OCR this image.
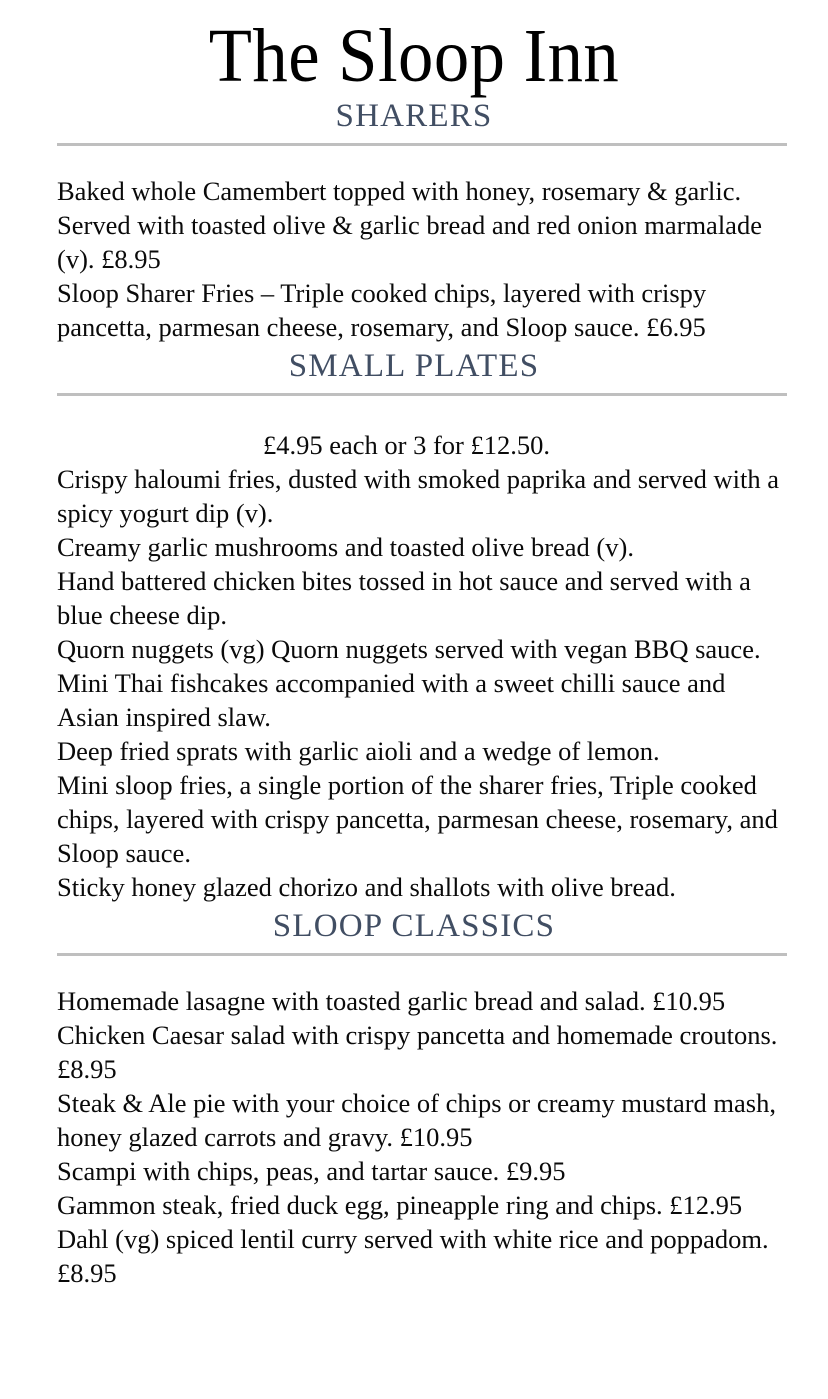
The Sloop Inn
SHARERS

Baked whole Camembert topped with honey, rosemary & garlic. Served with toasted olive & garlic bread and red onion marmalade (v). £8.95

Sloop Sharer Fries – Triple cooked chips, layered with crispy pancetta, parmesan cheese, rosemary, and Sloop sauce. £6.95

SMALL PLATES

£4.95 each or 3 for £12.50.

Crispy haloumi fries, dusted with smoked paprika and served with a spicy yogurt dip (v).

Creamy garlic mushrooms and toasted olive bread (v).

Hand battered chicken bites tossed in hot sauce and served with a blue cheese dip.

Quorn nuggets (vg) Quorn nuggets served with vegan BBQ sauce.

Mini Thai fishcakes accompanied with a sweet chilli sauce and Asian inspired slaw.

Deep fried sprats with garlic aioli and a wedge of lemon.

Mini sloop fries, a single portion of the sharer fries, Triple cooked chips, layered with crispy pancetta, parmesan cheese, rosemary, and Sloop sauce.

Sticky honey glazed chorizo and shallots with olive bread.

SLOOP CLASSICS

Homemade lasagne with toasted garlic bread and salad. £10.95

Chicken Caesar salad with crispy pancetta and homemade croutons. £8.95

Steak & Ale pie with your choice of chips or creamy mustard mash, honey glazed carrots and gravy. £10.95

Scampi with chips, peas, and tartar sauce. £9.95

Gammon steak, fried duck egg, pineapple ring and chips. £12.95

Dahl (vg) spiced lentil curry served with white rice and poppadom. £8.95
